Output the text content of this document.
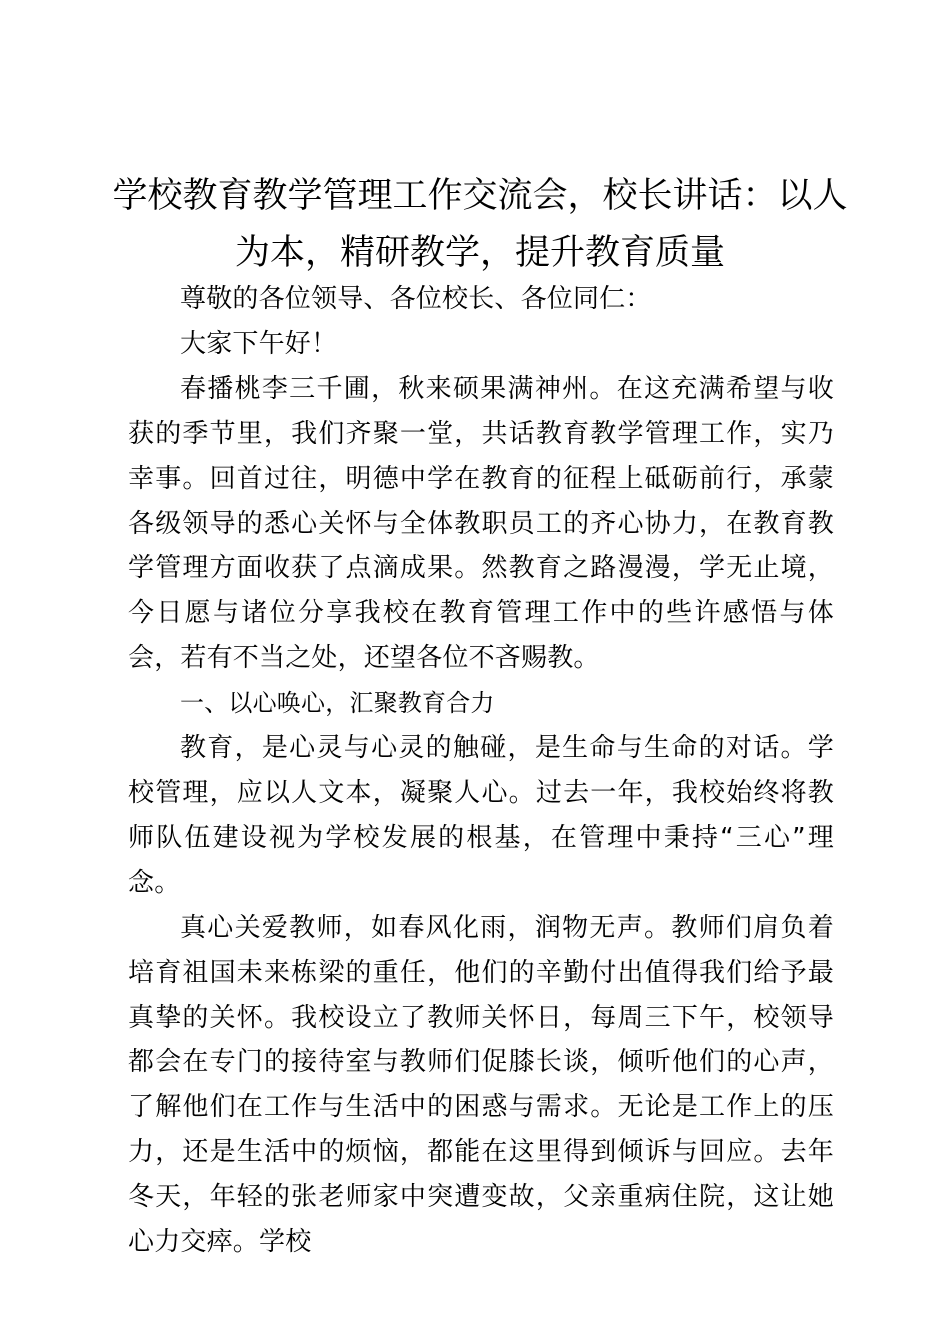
学校教育教学管理工作交流会，校长讲话：以人为本，精研教学，提升教育质量

尊敬的各位领导、各位校长、各位同仁：

大家下午好！

春播桃李三千圃，秋来硕果满神州。在这充满希望与收获的季节里，我们齐聚一堂，共话教育教学管理工作，实乃幸事。回首过往，明德中学在教育的征程上砥砺前行，承蒙各级领导的悉心关怀与全体教职员工的齐心协力，在教育教学管理方面收获了点滴成果。然教育之路漫漫，学无止境，今日愿与诸位分享我校在教育管理工作中的些许感悟与体会，若有不当之处，还望各位不吝赐教。

一、以心唤心，汇聚教育合力

教育，是心灵与心灵的触碰，是生命与生命的对话。学校管理，应以人文本，凝聚人心。过去一年，我校始终将教师队伍建设视为学校发展的根基，在管理中秉持“三心”理念。

真心关爱教师，如春风化雨，润物无声。教师们肩负着培育祖国未来栋梁的重任，他们的辛勤付出值得我们给予最真挚的关怀。我校设立了教师关怀日，每周三下午，校领导都会在专门的接待室与教师们促膝长谈，倾听他们的心声，了解他们在工作与生活中的困惑与需求。无论是工作上的压力，还是生活中的烦恼，都能在这里得到倾诉与回应。去年冬天，年轻的张老师家中突遭变故，父亲重病住院，这让她心力交瘁。学校
